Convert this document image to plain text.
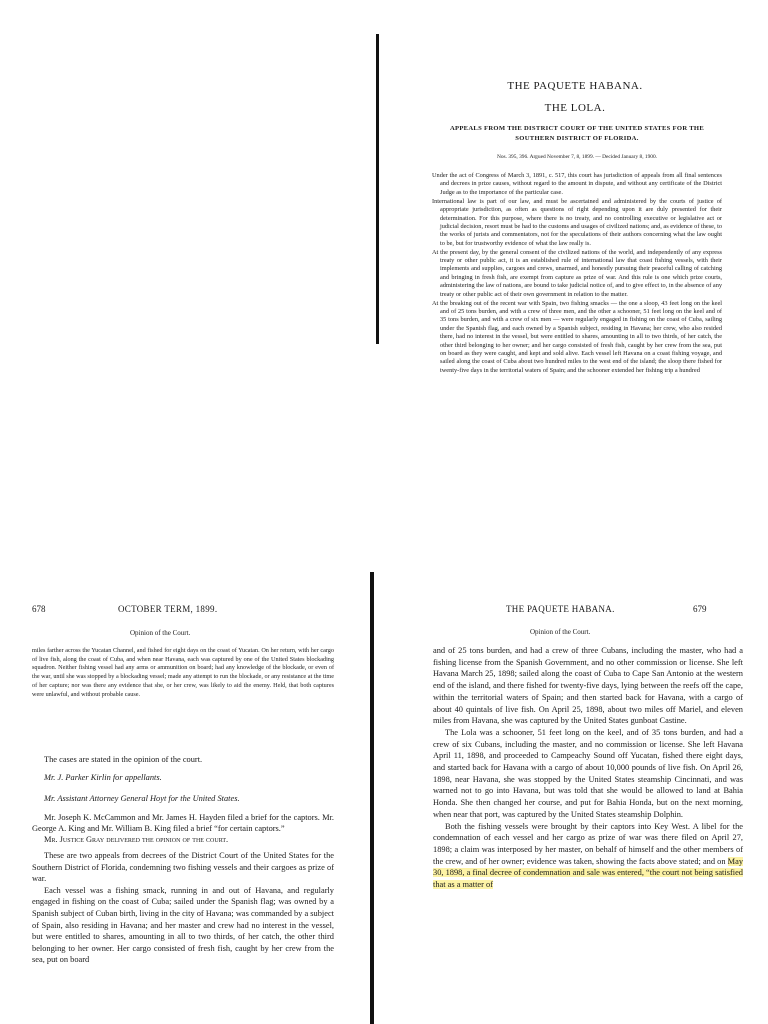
THE PAQUETE HABANA.
THE LOLA.
APPEALS FROM THE DISTRICT COURT OF THE UNITED STATES FOR THE SOUTHERN DISTRICT OF FLORIDA.
Nos. 395, 396. Argued November 7, 8, 1899. — Decided January 8, 1900.

Under the act of Congress of March 3, 1891, c. 517, this court has jurisdiction of appeals from all final sentences and decrees in prize causes, without regard to the amount in dispute, and without any certificate of the District Judge as to the importance of the particular case.

International law is part of our law, and must be ascertained and administered by the courts of justice of appropriate jurisdiction, as often as questions of right depending upon it are duly presented for their determination. For this purpose, where there is no treaty, and no controlling executive or legislative act or judicial decision, resort must be had to the customs and usages of civilized nations; and, as evidence of these, to the works of jurists and commentators, not for the speculations of their authors concerning what the law ought to be, but for trustworthy evidence of what the law really is.

At the present day, by the general consent of the civilized nations of the world, and independently of any express treaty or other public act, it is an established rule of international law that coast fishing vessels, with their implements and supplies, cargoes and crews, unarmed, and honestly pursuing their peaceful calling of catching and bringing in fresh fish, are exempt from capture as prize of war. And this rule is one which prize courts, administering the law of nations, are bound to take judicial notice of, and to give effect to, in the absence of any treaty or other public act of their own government in relation to the matter.

At the breaking out of the recent war with Spain, two fishing smacks — the one a sloop, 43 feet long on the keel and of 25 tons burden, and with a crew of three men, and the other a schooner, 51 feet long on the keel and of 35 tons burden, and with a crew of six men — were regularly engaged in fishing on the coast of Cuba, sailing under the Spanish flag, and each owned by a Spanish subject, residing in Havana; her crew, who also resided there, had no interest in the vessel, but were entitled to shares, amounting in all to two thirds, of her catch, the other third belonging to her owner; and her cargo consisted of fresh fish, caught by her crew from the sea, put on board as they were caught, and kept and sold alive. Each vessel left Havana on a coast fishing voyage, and sailed along the coast of Cuba about two hundred miles to the west end of the island; the sloop there fished for twenty-five days in the territorial waters of Spain; and the schooner extended her fishing trip a hundred

678	OCTOBER TERM, 1899.
Opinion of the Court.
miles farther across the Yucatan Channel, and fished for eight days on the coast of Yucatan. On her return, with her cargo of live fish, along the coast of Cuba, and when near Havana, each was captured by one of the United States blockading squadron. Neither fishing vessel had any arms or ammunition on board; had any knowledge of the blockade, or even of the war, until she was stopped by a blockading vessel; made any attempt to run the blockade, or any resistance at the time of her capture; nor was there any evidence that she, or her crew, was likely to aid the enemy. Held, that both captures were unlawful, and without probable cause.
The cases are stated in the opinion of the court.
Mr. J. Parker Kirlin for appellants.
Mr. Assistant Attorney General Hoyt for the United States.
Mr. Joseph K. McCammon and Mr. James H. Hayden filed a brief for the captors. Mr. George A. King and Mr. William B. King filed a brief “for certain captors.”
Mr. Justice Gray delivered the opinion of the court.

These are two appeals from decrees of the District Court of the United States for the Southern District of Florida, condemning two fishing vessels and their cargoes as prize of war.

Each vessel was a fishing smack, running in and out of Havana, and regularly engaged in fishing on the coast of Cuba; sailed under the Spanish flag; was owned by a Spanish subject of Cuban birth, living in the city of Havana; was commanded by a subject of Spain, also residing in Havana; and her master and crew had no interest in the vessel, but were entitled to shares, amounting in all to two thirds, of her catch, the other third belonging to her owner. Her cargo consisted of fresh fish, caught by her crew from the sea, put on board

THE PAQUETE HABANA.	679
Opinion of the Court.

and of 25 tons burden, and had a crew of three Cubans, including the master, who had a fishing license from the Spanish Government, and no other commission or license. She left Havana March 25, 1898; sailed along the coast of Cuba to Cape San Antonio at the western end of the island, and there fished for twenty-five days, lying between the reefs off the cape, within the territorial waters of Spain; and then started back for Havana, with a cargo of about 40 quintals of live fish. On April 25, 1898, about two miles off Mariel, and eleven miles from Havana, she was captured by the United States gunboat Castine.

The Lola was a schooner, 51 feet long on the keel, and of 35 tons burden, and had a crew of six Cubans, including the master, and no commission or license. She left Havana April 11, 1898, and proceeded to Campeachy Sound off Yucatan, fished there eight days, and started back for Havana with a cargo of about 10,000 pounds of live fish. On April 26, 1898, near Havana, she was stopped by the United States steamship Cincinnati, and was warned not to go into Havana, but was told that she would be allowed to land at Bahia Honda. She then changed her course, and put for Bahia Honda, but on the next morning, when near that port, was captured by the United States steamship Dolphin.

Both the fishing vessels were brought by their captors into Key West. A libel for the condemnation of each vessel and her cargo as prize of war was there filed on April 27, 1898; a claim was interposed by her master, on behalf of himself and the other members of the crew, and of her owner; evidence was taken, showing the facts above stated; and on May 30, 1898, a final decree of condemnation and sale was entered, “the court not being satisfied that as a matter of
